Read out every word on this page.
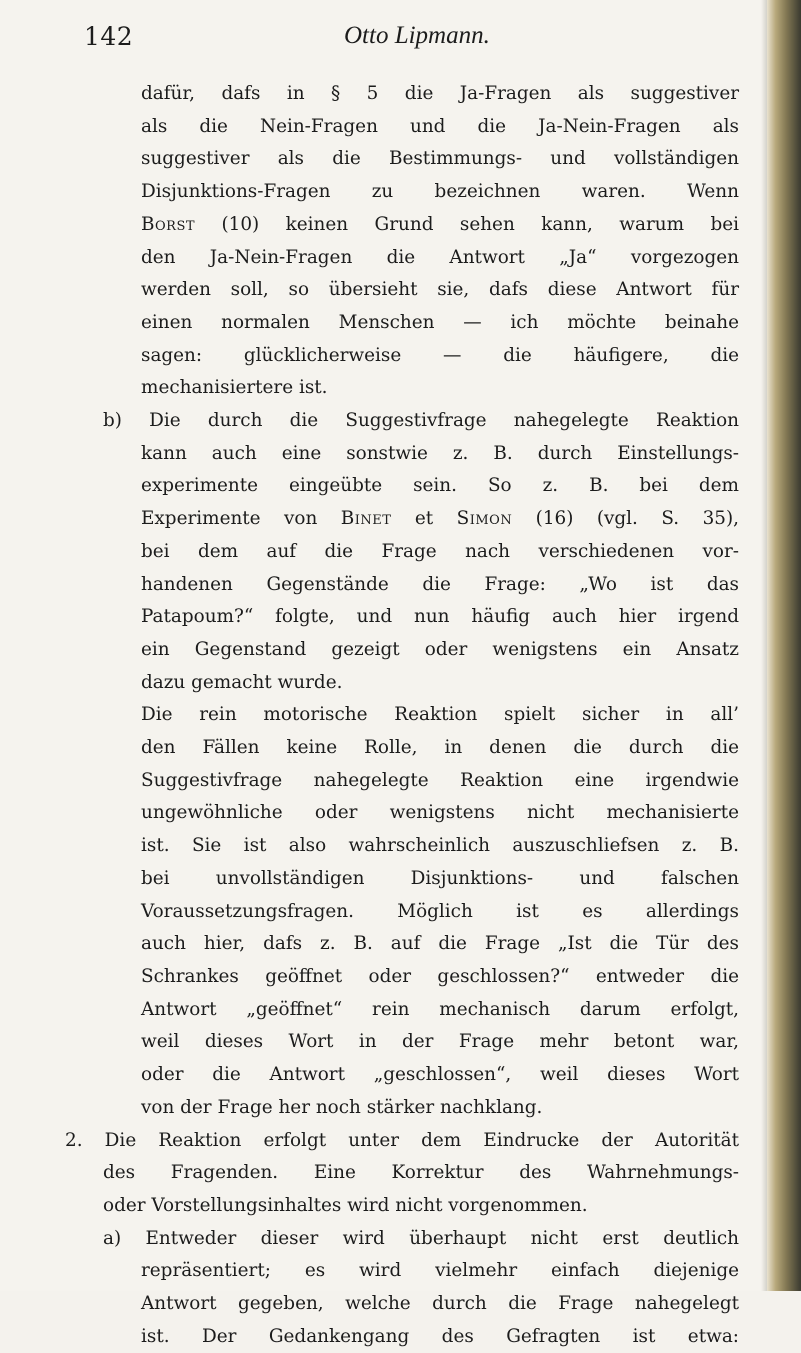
142	Otto Lipmann.
dafür, dafs in § 5 die Ja-Fragen als suggestiver
als die Nein-Fragen und die Ja-Nein-Fragen als
suggestiver als die Bestimmungs- und vollständigen
Disjunktions-Fragen zu bezeichnen waren. Wenn
Borst (10) keinen Grund sehen kann, warum bei
den Ja-Nein-Fragen die Antwort „Ja“ vorgezogen
werden soll, so übersieht sie, dafs diese Antwort für
einen normalen Menschen — ich möchte beinahe
sagen: glücklicherweise — die häufigere, die
mechanisiertere ist.
b) Die durch die Suggestivfrage nahegelegte Reaktion
kann auch eine sonstwie z. B. durch Einstellungs-
experimente eingeübte sein. So z. B. bei dem
Experimente von Binet et Simon (16) (vgl. S. 35),
bei dem auf die Frage nach verschiedenen vor-
handenen Gegenstände die Frage: „Wo ist das
Patapoum?“ folgte, und nun häufig auch hier irgend
ein Gegenstand gezeigt oder wenigstens ein Ansatz
dazu gemacht wurde.
Die rein motorische Reaktion spielt sicher in all’
den Fällen keine Rolle, in denen die durch die
Suggestivfrage nahegelegte Reaktion eine irgendwie
ungewöhnliche oder wenigstens nicht mechanisierte
ist. Sie ist also wahrscheinlich auszuschliefsen z. B.
bei unvollständigen Disjunktions- und falschen
Voraussetzungsfragen. Möglich ist es allerdings
auch hier, dafs z. B. auf die Frage „Ist die Tür des
Schrankes geöffnet oder geschlossen?“ entweder die
Antwort „geöffnet“ rein mechanisch darum erfolgt,
weil dieses Wort in der Frage mehr betont war,
oder die Antwort „geschlossen“, weil dieses Wort
von der Frage her noch stärker nachklang.
2. Die Reaktion erfolgt unter dem Eindrucke der Autorität
des Fragenden. Eine Korrektur des Wahrnehmungs-
oder Vorstellungsinhaltes wird nicht vorgenommen.
a) Entweder dieser wird überhaupt nicht erst deutlich
repräsentiert; es wird vielmehr einfach diejenige
Antwort gegeben, welche durch die Frage nahegelegt
ist. Der Gedankengang des Gefragten ist etwa:
